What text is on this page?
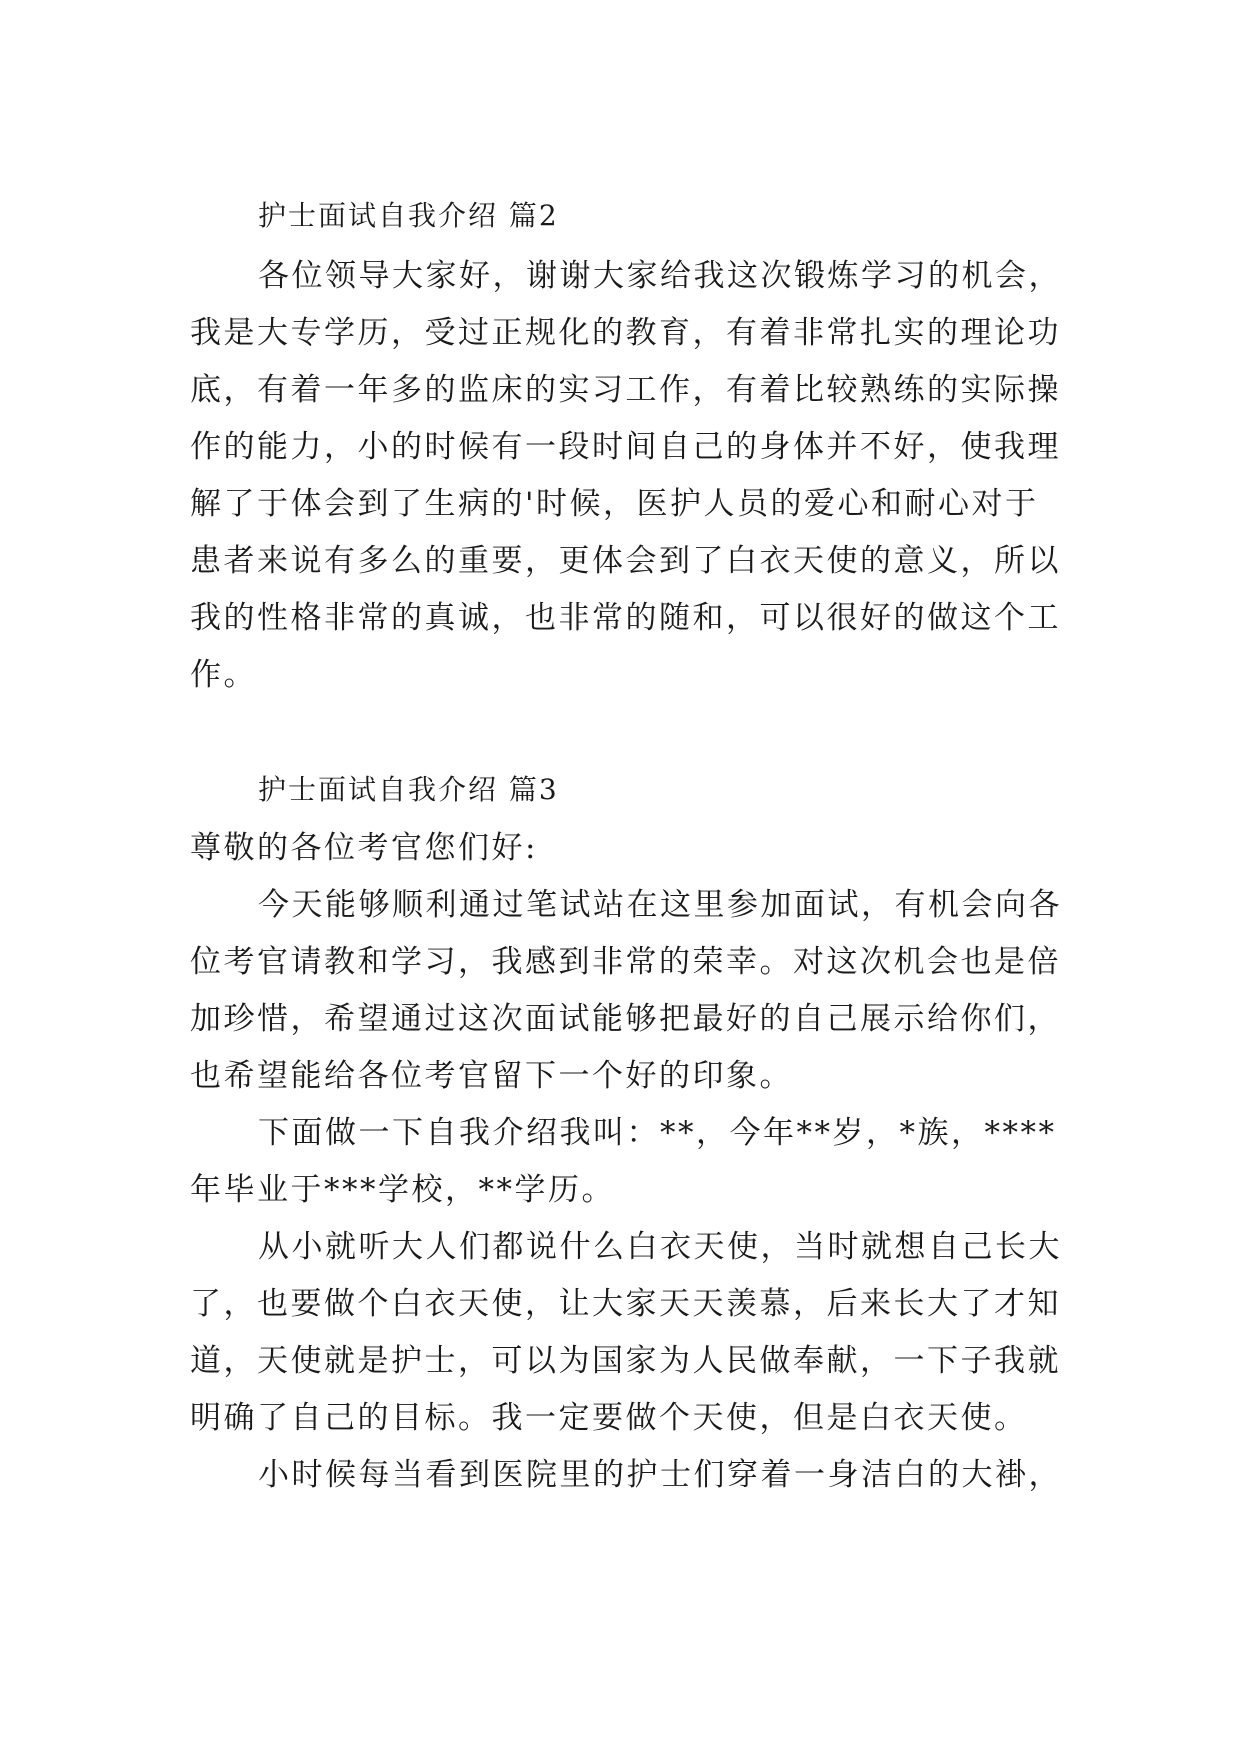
护士面试自我介绍 篇2
各位领导大家好，谢谢大家给我这次锻炼学习的机会，
我是大专学历，受过正规化的教育，有着非常扎实的理论功
底，有着一年多的监床的实习工作，有着比较熟练的实际操
作的能力，小的时候有一段时间自己的身体并不好，使我理
解了于体会到了生病的'时候，医护人员的爱心和耐心对于
患者来说有多么的重要，更体会到了白衣天使的意义，所以
我的性格非常的真诚，也非常的随和，可以很好的做这个工
作。
护士面试自我介绍 篇3
尊敬的各位考官您们好:
今天能够顺利通过笔试站在这里参加面试，有机会向各
位考官请教和学习，我感到非常的荣幸。对这次机会也是倍
加珍惜，希望通过这次面试能够把最好的自己展示给你们，
也希望能给各位考官留下一个好的印象。
下面做一下自我介绍我叫：**，今年**岁，*族，****
年毕业于***学校，**学历。
从小就听大人们都说什么白衣天使，当时就想自己长大
了，也要做个白衣天使，让大家天天羡慕，后来长大了才知
道，天使就是护士，可以为国家为人民做奉献，一下子我就
明确了自己的目标。我一定要做个天使，但是白衣天使。
小时候每当看到医院里的护士们穿着一身洁白的大褂，
